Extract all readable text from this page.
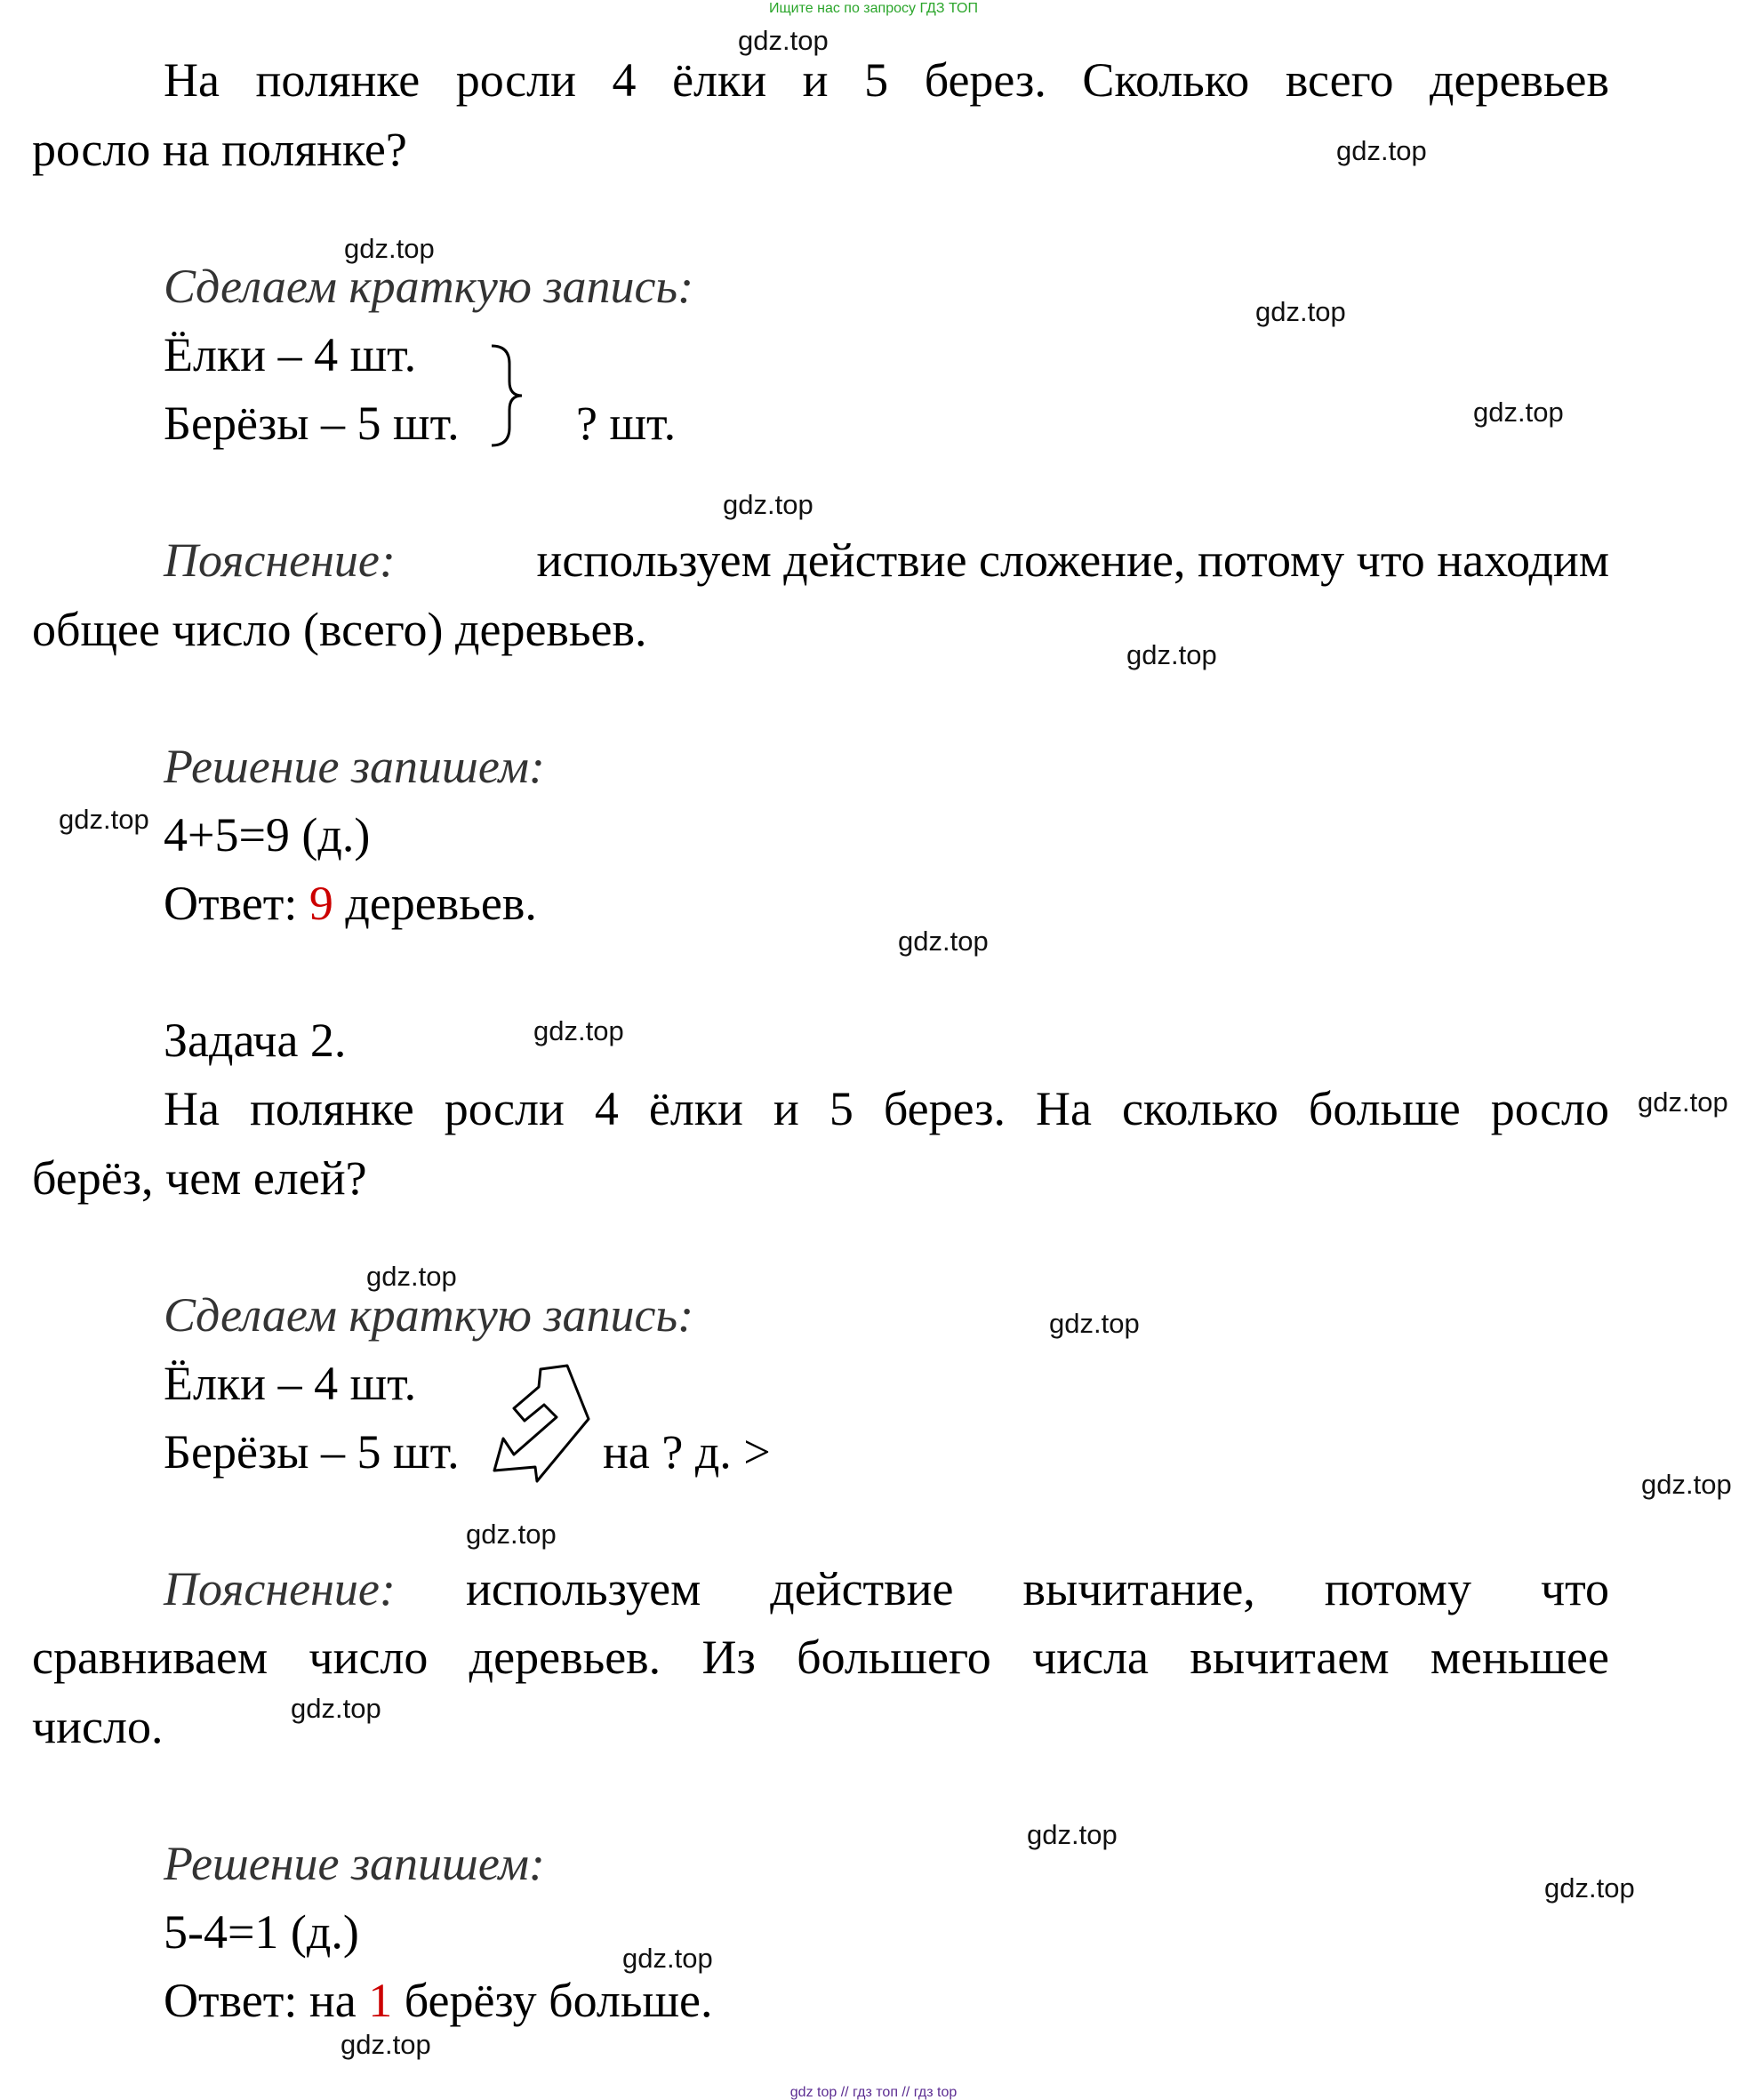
Ищите нас по запросу ГДЗ ТОП
На полянке росли 4 ёлки и 5 берез. Сколько всего деревьев
росло на полянке?
Сделаем краткую запись:
Ёлки – 4 шт.
Берёзы – 5 шт. ? шт.
Пояснение:	используем действие сложение, потому что находим
общее число (всего) деревьев.
Решение запишем:
4+5=9 (д.)
Ответ: 9 деревьев.
Задача 2.
На полянке росли 4 ёлки и 5 берез. На сколько больше росло
берёз, чем елей?
Сделаем краткую запись:
Ёлки – 4 шт.
Берёзы – 5 шт.	на ? д. >
Пояснение: используем действие вычитание, потому что
сравниваем число деревьев. Из большего числа вычитаем меньшее
число.
Решение запишем:
5-4=1 (д.)
Ответ: на 1 берёзу больше.
gdz.top
gdz.top
gdz.top
gdz.top
gdz.top
gdz.top
gdz.top
gdz.top
gdz.top
gdz.top
gdz.top
gdz.top
gdz.top
gdz.top
gdz.top
gdz.top
gdz.top
gdz.top
gdz.top
gdz.top
gdz top // гдз топ // гдз top
